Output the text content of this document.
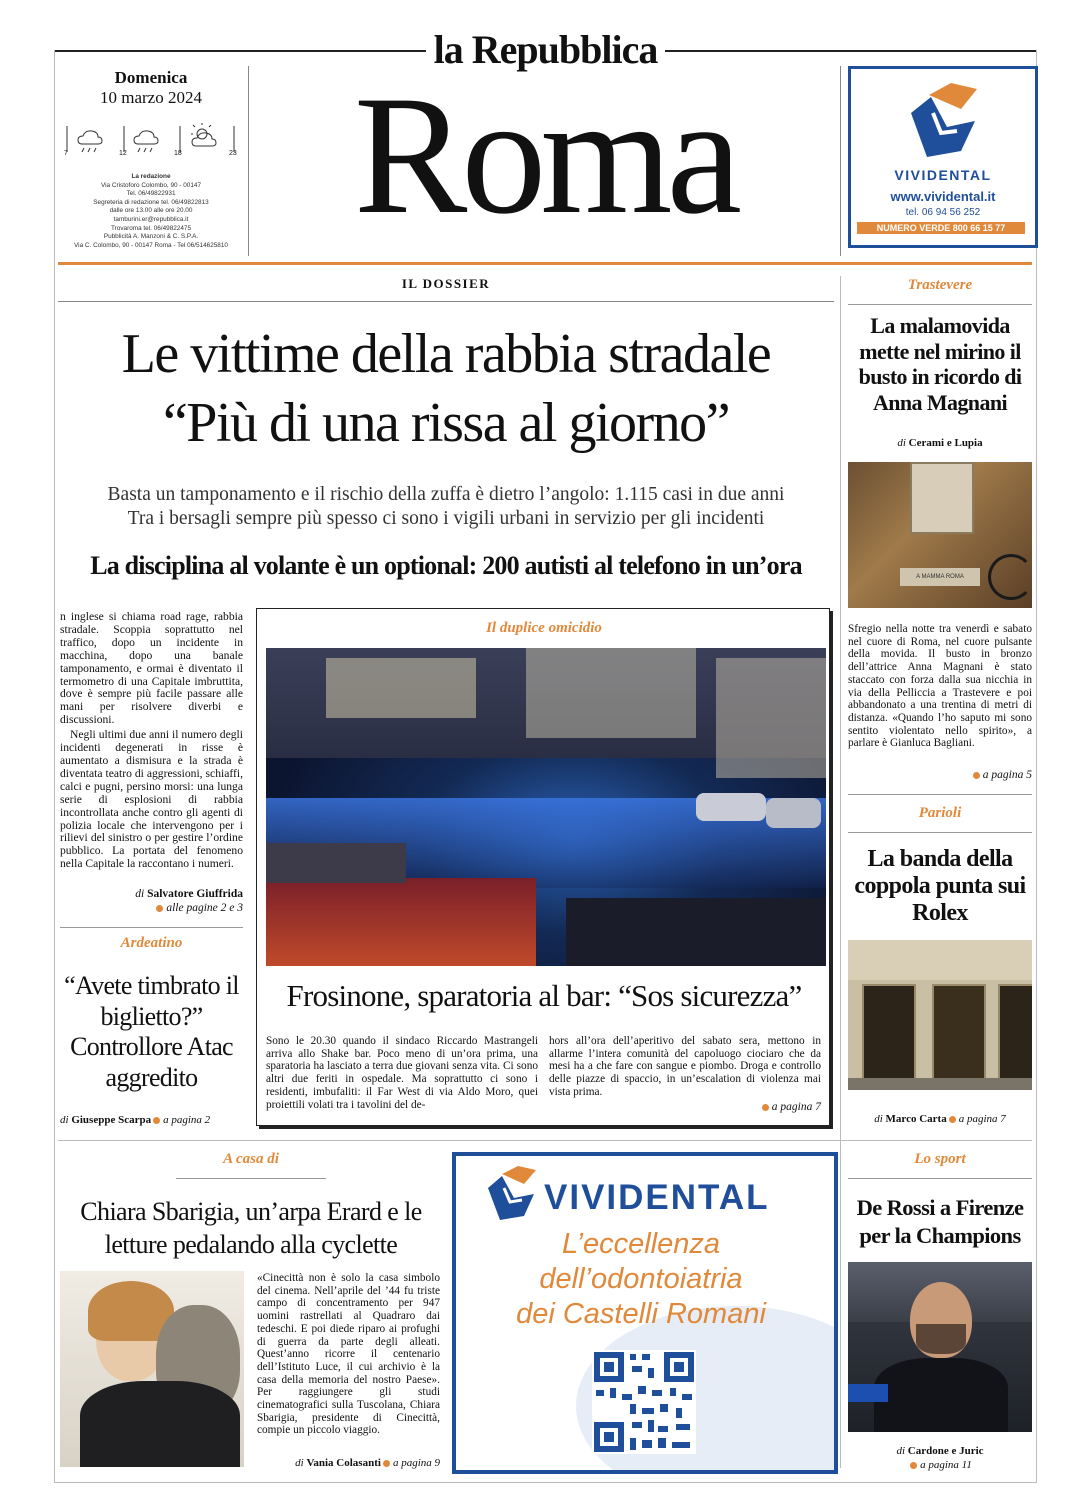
la Repubblica
Domenica
10 marzo 2024
7	12	18	23
La redazione
Via Cristoforo Colombo, 90 - 00147
Tel. 06/49822931
Segreteria di redazione tel. 06/49822813
dalle ore 13.00 alle ore 20.00
tamburini.er@repubblica.it
Trovaroma tel. 06/49822475
Pubblicità A. Manzoni & C. S.P.A.
Via C. Colombo, 90 - 00147 Roma - Tel 06/514625810 Roma	VIVIDENTAL
www.vividental.it
tel. 06 94 56 252
NUMERO VERDE 800 66 15 77
IL DOSSIER
Le vittime della rabbia stradale
“Più di una rissa al giorno”
Basta un tamponamento e il rischio della zuffa è dietro l’angolo: 1.115 casi in due anni
Tra i bersagli sempre più spesso ci sono i vigili urbani in servizio per gli incidenti
La disciplina al volante è un optional: 200 autisti al telefono in un’ora
n inglese si chiama road rage, rabbia stradale. Scoppia soprattutto nel traffico, dopo un incidente in macchina, dopo una banale tamponamento, e ormai è diventato il termometro di una Capitale imbruttita, dove è sempre più facile passare alle mani per risolvere diverbi e discussioni.
Negli ultimi due anni il numero degli incidenti degenerati in risse è aumentato a dismisura e la strada è diventata teatro di aggressioni, schiaffi, calci e pugni, persino morsi: una lunga serie di esplosioni di rabbia incontrollata anche contro gli agenti di polizia locale che intervengono per i rilievi del sinistro o per gestire l’ordine pubblico. La portata del fenomeno nella Capitale la raccontano i numeri.
di Salvatore Giuffrida
alle pagine 2 e 3
Ardeatino
“Avete timbrato il biglietto?” Controllore Atac aggredito
di Giuseppe Scarpa a pagina 2
Il duplice omicidio
Frosinone, sparatoria al bar: “Sos sicurezza”
Sono le 20.30 quando il sindaco Riccardo Mastrangeli arriva allo Shake bar. Poco meno di un’ora prima, una sparatoria ha lasciato a terra due giovani senza vita. Ci sono altri due feriti in ospedale. Ma soprattutto ci sono i residenti, imbufaliti: il Far West di via Aldo Moro, quei proiettili volati tra i tavolini del de-
hors all’ora dell’aperitivo del sabato sera, mettono in allarme l’intera comunità del capoluogo ciociaro che da mesi ha a che fare con sangue e piombo. Droga e controllo delle piazze di spaccio, in un’escalation di violenza mai vista prima.
a pagina 7
Trastevere
La malamovida mette nel mirino il busto in ricordo di Anna Magnani
di Cerami e Lupia
A MAMMA ROMA
Sfregio nella notte tra venerdì e sabato nel cuore di Roma, nel cuore pulsante della movida. Il busto in bronzo dell’attrice Anna Magnani è stato staccato con forza dalla sua nicchia in via della Pelliccia a Trastevere e poi abbandonato a una trentina di metri di distanza. «Quando l’ho saputo mi sono sentito violentato nello spirito», a parlare è Gianluca Bagliani.
a pagina 5
Parioli
La banda della coppola punta sui Rolex
di Marco Carta a pagina 7
A casa di
Chiara Sbarigia, un’arpa Erard e le letture pedalando alla cyclette
«Cinecittà non è solo la casa simbolo del cinema. Nell’aprile del ’44 fu triste campo di concentramento per 947 uomini rastrellati al Quadraro dai tedeschi. E poi diede riparo ai profughi di guerra da parte degli alleati. Quest’anno ricorre il centenario dell’Istituto Luce, il cui archivio è la casa della memoria del nostro Paese». Per raggiungere gli studi cinematografici sulla Tuscolana, Chiara Sbarigia, presidente di Cinecittà, compie un piccolo viaggio.
di Vania Colasanti a pagina 9
VIVIDENTAL
L’eccellenza
dell’odontoiatria
dei Castelli Romani
Lo sport
De Rossi a Firenze per la Champions
di Cardone e Juric
a pagina 11
